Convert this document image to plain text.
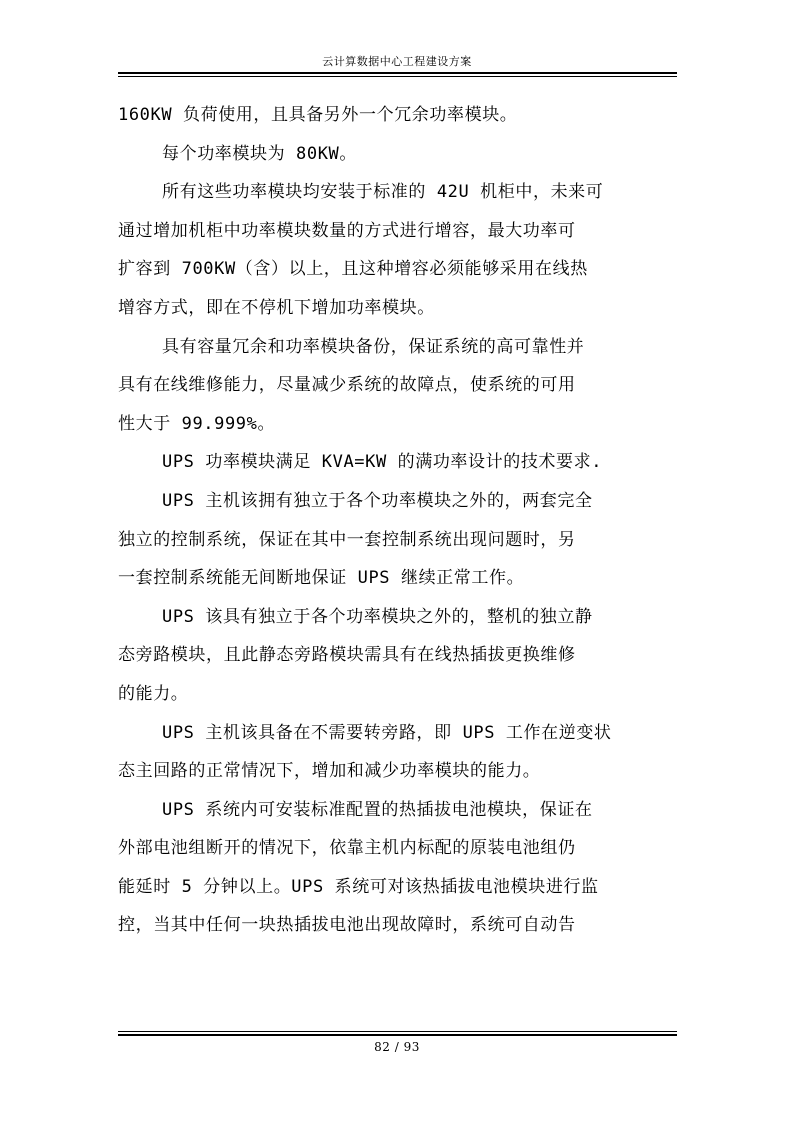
云计算数据中心工程建设方案
160KW 负荷使用，且具备另外一个冗余功率模块。
每个功率模块为 80KW。
所有这些功率模块均安装于标准的 42U 机柜中，未来可
通过增加机柜中功率模块数量的方式进行增容，最大功率可
扩容到 700KW（含）以上，且这种增容必须能够采用在线热
增容方式，即在不停机下增加功率模块。
具有容量冗余和功率模块备份，保证系统的高可靠性并
具有在线维修能力，尽量减少系统的故障点，使系统的可用
性大于 99.999%。
UPS 功率模块满足 KVA=KW 的满功率设计的技术要求.
UPS 主机该拥有独立于各个功率模块之外的，两套完全
独立的控制系统，保证在其中一套控制系统出现问题时，另
一套控制系统能无间断地保证 UPS 继续正常工作。
UPS 该具有独立于各个功率模块之外的，整机的独立静
态旁路模块，且此静态旁路模块需具有在线热插拔更换维修
的能力。
UPS 主机该具备在不需要转旁路，即 UPS 工作在逆变状
态主回路的正常情况下，增加和减少功率模块的能力。
UPS 系统内可安装标准配置的热插拔电池模块，保证在
外部电池组断开的情况下，依靠主机内标配的原装电池组仍
能延时 5 分钟以上。UPS 系统可对该热插拔电池模块进行监
控，当其中任何一块热插拔电池出现故障时，系统可自动告
82 / 93
